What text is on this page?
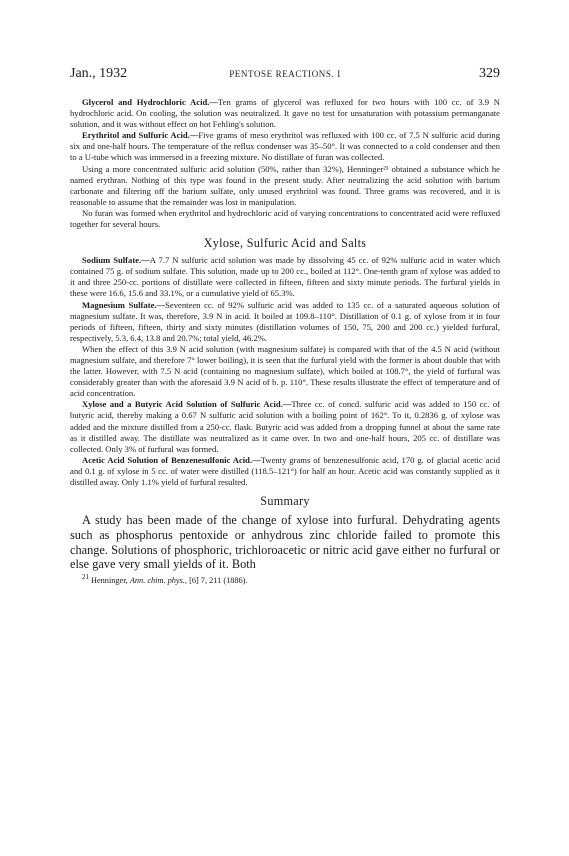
Jan., 1932	PENTOSE REACTIONS. I	329

Glycerol and Hydrochloric Acid.—Ten grams of glycerol was refluxed for two hours with 100 cc. of 3.9 N hydrochloric acid. On cooling, the solution was neutralized. It gave no test for unsaturation with potassium permanganate solution, and it was without effect on hot Fehling's solution.

Erythritol and Sulfuric Acid.—Five grams of meso erythritol was refluxed with 100 cc. of 7.5 N sulfuric acid during six and one-half hours. The temperature of the reflux condenser was 35–50°. It was connected to a cold condenser and then to a U-tube which was immersed in a freezing mixture. No distillate of furan was collected.

Using a more concentrated sulfuric acid solution (50%, rather than 32%), Henninger²¹ obtained a substance which he named erythran. Nothing of this type was found in the present study. After neutralizing the acid solution with barium carbonate and filtering off the barium sulfate, only unused erythritol was found. Three grams was recovered, and it is reasonable to assume that the remainder was lost in manipulation.

No furan was formed when erythritol and hydrochloric acid of varying concentrations to concentrated acid were refluxed together for several hours.

Xylose, Sulfuric Acid and Salts

Sodium Sulfate.—A 7.7 N sulfuric acid solution was made by dissolving 45 cc. of 92% sulfuric acid in water which contained 75 g. of sodium sulfate. This solution, made up to 200 cc., boiled at 112°. One-tenth gram of xylose was added to it and three 250-cc. portions of distillate were collected in fifteen, fifteen and sixty minute periods. The furfural yields in these were 16.6, 15.6 and 33.1%, or a cumulative yield of 65.3%.

Magnesium Sulfate.—Seventeen cc. of 92% sulfuric acid was added to 135 cc. of a saturated aqueous solution of magnesium sulfate. It was, therefore, 3.9 N in acid. It boiled at 109.8–110°. Distillation of 0.1 g. of xylose from it in four periods of fifteen, fifteen, thirty and sixty minutes (distillation volumes of 150, 75, 200 and 200 cc.) yielded furfural, respectively, 5.3, 6.4, 13.8 and 20.7%; total yield, 46.2%.

When the effect of this 3.9 N acid solution (with magnesium sulfate) is compared with that of the 4.5 N acid (without magnesium sulfate, and therefore 7° lower boiling), it is seen that the furfural yield with the former is about double that with the latter. However, with 7.5 N acid (containing no magnesium sulfate), which boiled at 108.7°, the yield of furfural was considerably greater than with the aforesaid 3.9 N acid of b. p. 110°. These results illustrate the effect of temperature and of acid concentration.

Xylose and a Butyric Acid Solution of Sulfuric Acid.—Three cc. of concd. sulfuric acid was added to 150 cc. of butyric acid, thereby making a 0.67 N sulfuric acid solution with a boiling point of 162°. To it, 0.2836 g. of xylose was added and the mixture distilled from a 250-cc. flask. Butyric acid was added from a dropping funnel at about the same rate as it distilled away. The distillate was neutralized as it came over. In two and one-half hours, 205 cc. of distillate was collected. Only 3% of furfural was formed.

Acetic Acid Solution of Benzenesulfonic Acid.—Twenty grams of benzenesulfonic acid, 170 g. of glacial acetic acid and 0.1 g. of xylose in 5 cc. of water were distilled (118.5–121°) for half an hour. Acetic acid was constantly supplied as it distilled away. Only 1.1% yield of furfural resulted.

Summary

A study has been made of the change of xylose into furfural. Dehydrating agents such as phosphorus pentoxide or anhydrous zinc chloride failed to promote this change. Solutions of phosphoric, trichloroacetic or nitric acid gave either no furfural or else gave very small yields of it. Both

$^{21}$ Henninger, Ann. chim. phys., [6] 7, 211 (1886).
